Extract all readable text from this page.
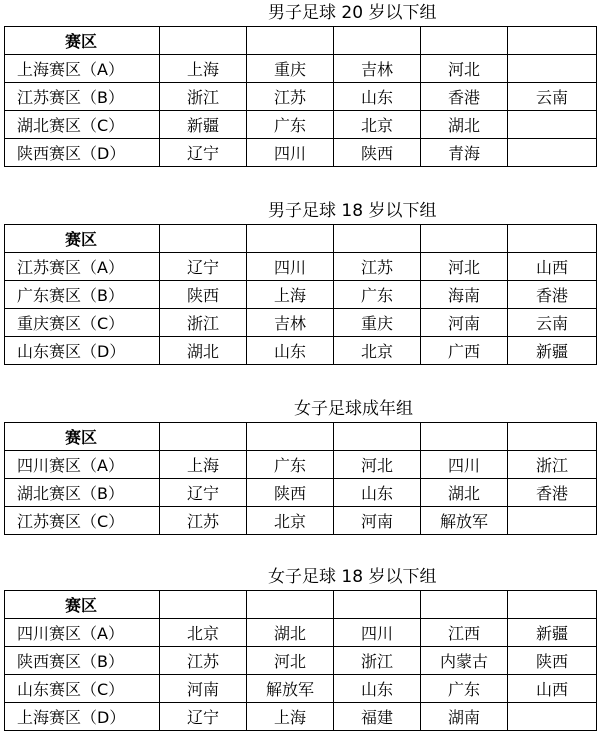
男子足球 20 岁以下组
赛区					
上海赛区（A）	上海	重庆	吉林	河北	
江苏赛区（B）	浙江	江苏	山东	香港	云南
湖北赛区（C）	新疆	广东	北京	湖北	
陕西赛区（D）	辽宁	四川	陕西	青海	
男子足球 18 岁以下组
赛区					
江苏赛区（A）	辽宁	四川	江苏	河北	山西
广东赛区（B）	陕西	上海	广东	海南	香港
重庆赛区（C）	浙江	吉林	重庆	河南	云南
山东赛区（D）	湖北	山东	北京	广西	新疆
女子足球成年组
赛区					
四川赛区（A）	上海	广东	河北	四川	浙江
湖北赛区（B）	辽宁	陕西	山东	湖北	香港
江苏赛区（C）	江苏	北京	河南	解放军	
女子足球 18 岁以下组
赛区					
四川赛区（A）	北京	湖北	四川	江西	新疆
陕西赛区（B）	江苏	河北	浙江	内蒙古	陕西
山东赛区（C）	河南	解放军	山东	广东	山西
上海赛区（D）	辽宁	上海	福建	湖南	
